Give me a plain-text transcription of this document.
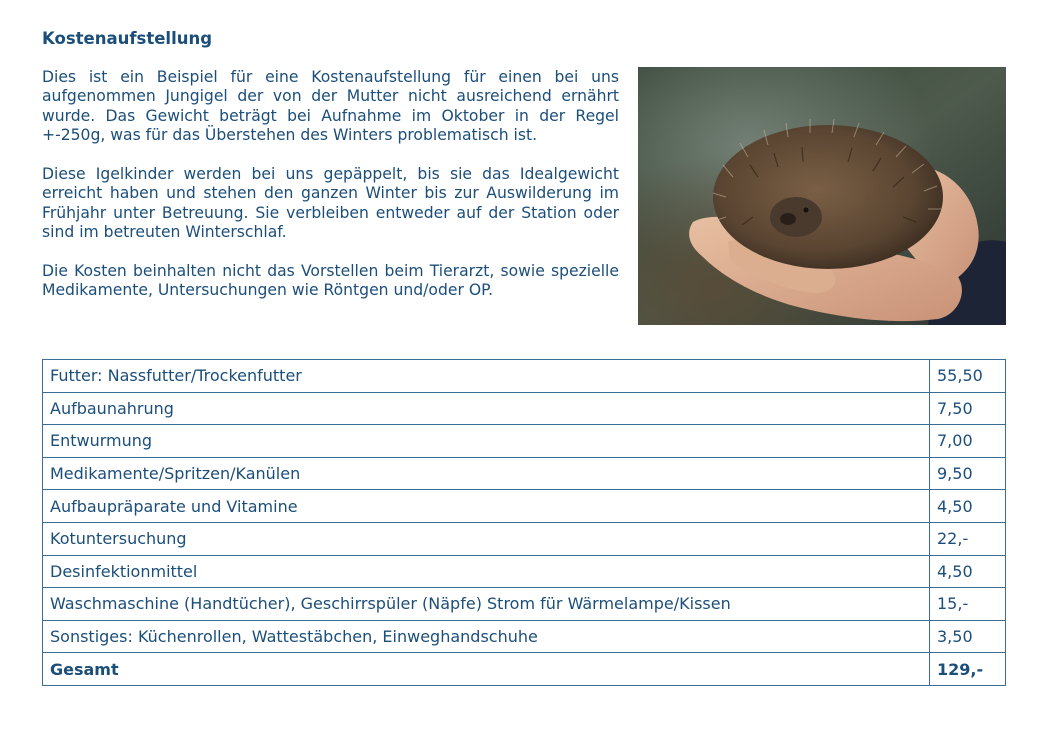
Kostenaufstellung

Dies ist ein Beispiel für eine Kostenaufstellung für einen bei uns aufgenommen Jungigel der von der Mutter nicht ausreichend ernährt wurde. Das Gewicht beträgt bei Aufnahme im Oktober in der Regel +-250g, was für das Überstehen des Winters problematisch ist.

Diese Igelkinder werden bei uns gepäppelt, bis sie das Idealgewicht erreicht haben und stehen den ganzen Winter bis zur Auswilderung im Frühjahr unter Betreuung. Sie verbleiben entweder auf der Station oder sind im betreuten Winterschlaf.

Die Kosten beinhalten nicht das Vorstellen beim Tierarzt, sowie spezielle Medikamente, Untersuchungen wie Röntgen und/oder OP.

Futter: Nassfutter/Trockenfutter	55,50
Aufbaunahrung	7,50
Entwurmung	7,00
Medikamente/Spritzen/Kanülen	9,50
Aufbaupräparate und Vitamine	4,50
Kotuntersuchung	22,-
Desinfektionmittel	4,50
Waschmaschine (Handtücher), Geschirrspüler (Näpfe) Strom für Wärmelampe/Kissen	15,-
Sonstiges: Küchenrollen, Wattestäbchen, Einweghandschuhe	3,50
Gesamt	129,-
